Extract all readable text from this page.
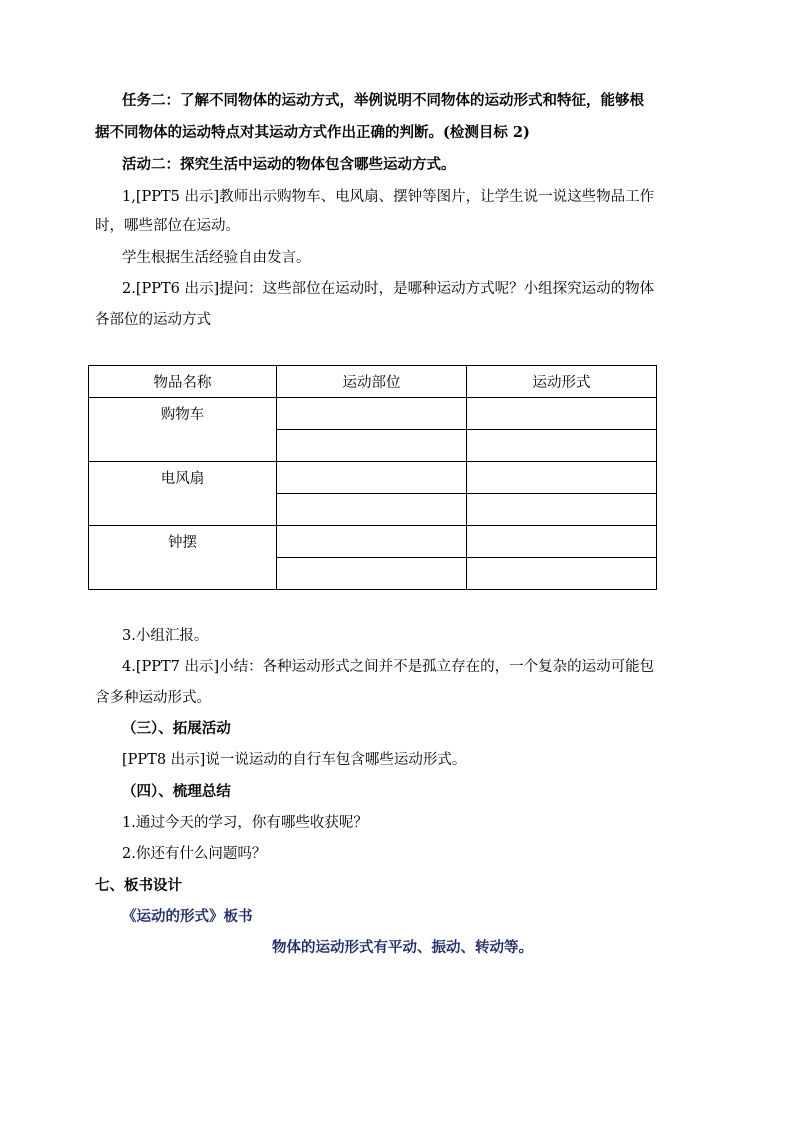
任务二：了解不同物体的运动方式，举例说明不同物体的运动形式和特征，能够根
据不同物体的运动特点对其运动方式作出正确的判断。(检测目标 2)
活动二：探究生活中运动的物体包含哪些运动方式。
1,[PPT5 出示]教师出示购物车、电风扇、摆钟等图片，让学生说一说这些物品工作
时，哪些部位在运动。
学生根据生活经验自由发言。
2.[PPT6 出示]提问：这些部位在运动时，是哪种运动方式呢？小组探究运动的物体
各部位的运动方式
物品名称	运动部位	运动形式
购物车		

电风扇		

钟摆		

3.小组汇报。
4.[PPT7 出示]小结：各种运动形式之间并不是孤立存在的，一个复杂的运动可能包
含多种运动形式。
（三）、拓展活动
[PPT8 出示]说一说运动的自行车包含哪些运动形式。
（四）、梳理总结
1.通过今天的学习，你有哪些收获呢？
2.你还有什么问题吗？
七、板书设计
《运动的形式》板书
物体的运动形式有平动、振动、转动等。
